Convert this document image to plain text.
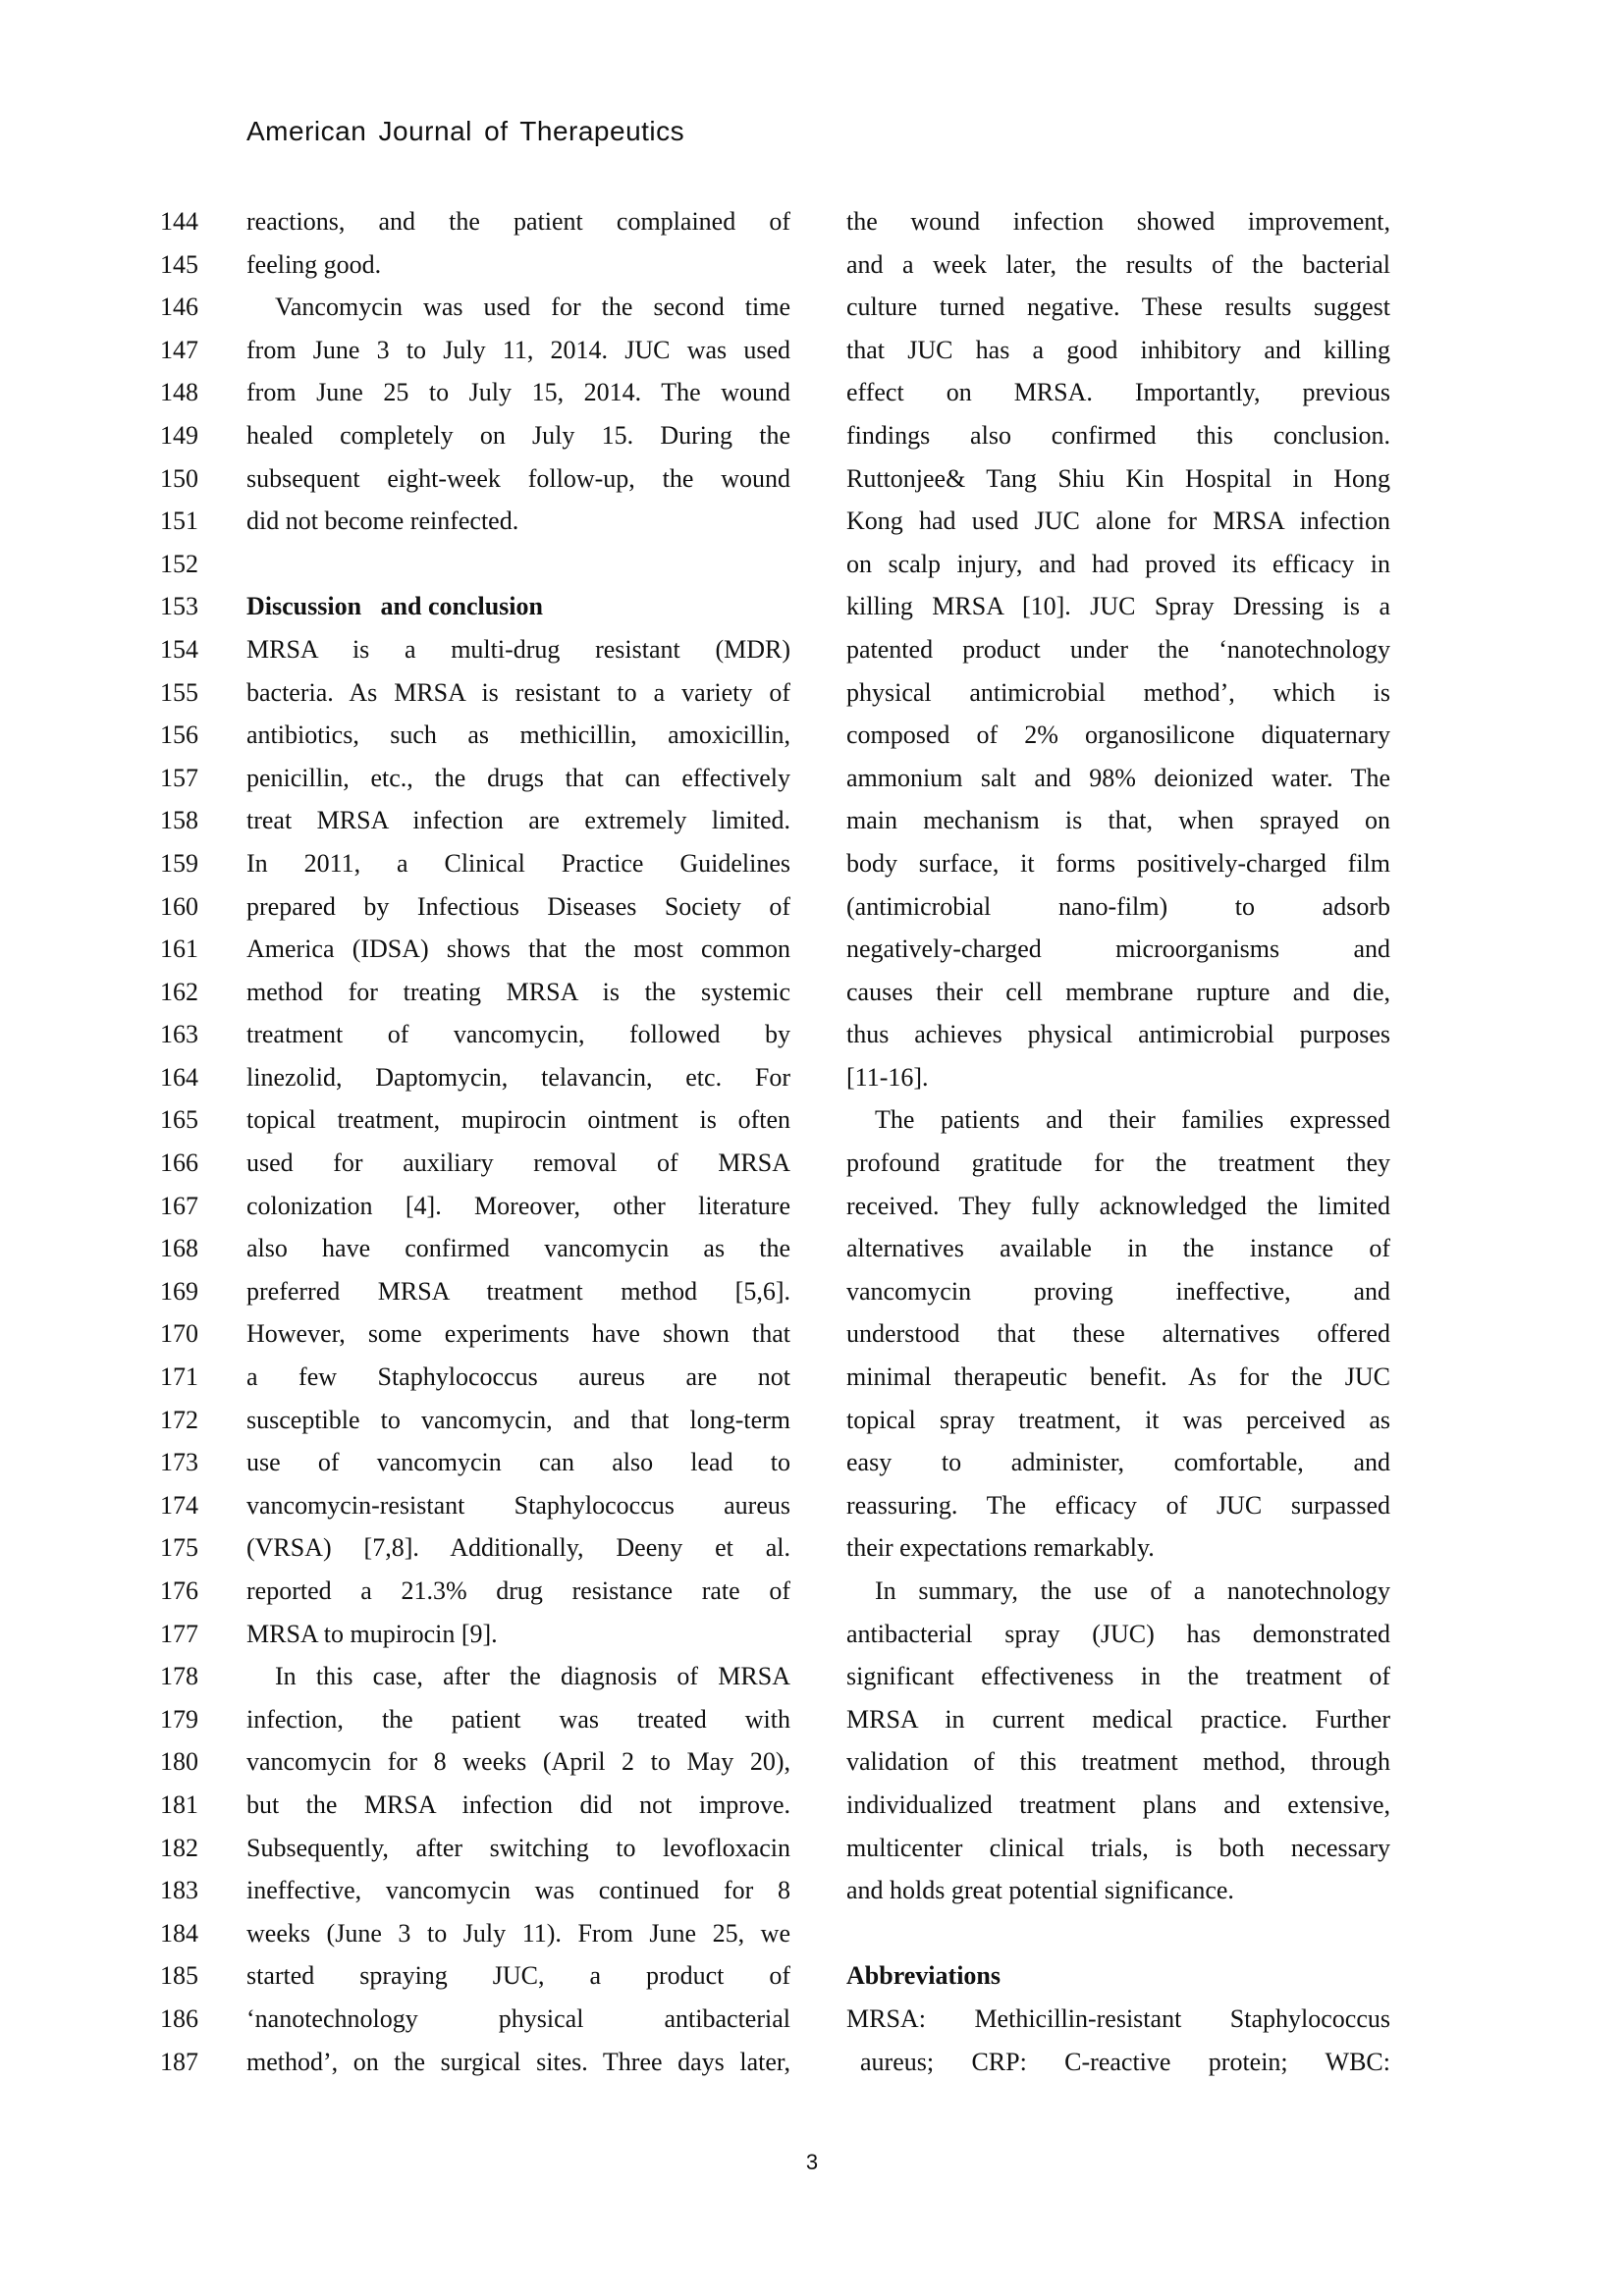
American Journal of Therapeutics
144
145
146
147
148
149
150
151
152
153
154
155
156
157
158
159
160
161
162
163
164
165
166
167
168
169
170
171
172
173
174
175
176
177
178
179
180
181
182
183
184
185
186
187
reactions, and the patient complained of
feeling good.
Vancomycin was used for the second time
from June 3 to July 11, 2014. JUC was used
from June 25 to July 15, 2014. The wound
healed completely on July 15. During the
subsequent eight-week follow-up, the wound
did not become reinfected.
Discussion   and conclusion
MRSA is a multi-drug resistant (MDR)
bacteria. As MRSA is resistant to a variety of
antibiotics, such as methicillin, amoxicillin,
penicillin, etc., the drugs that can effectively
treat MRSA infection are extremely limited.
In 2011, a Clinical Practice Guidelines
prepared by Infectious Diseases Society of
America (IDSA) shows that the most common
method for treating MRSA is the systemic
treatment of vancomycin, followed by
linezolid, Daptomycin, telavancin, etc. For
topical treatment, mupirocin ointment is often
used for auxiliary removal of MRSA
colonization [4]. Moreover, other literature
also have confirmed vancomycin as the
preferred MRSA treatment method [5,6].
However, some experiments have shown that
a few Staphylococcus aureus are not
susceptible to vancomycin, and that long-term
use of vancomycin can also lead to
vancomycin-resistant Staphylococcus aureus
(VRSA) [7,8]. Additionally, Deeny et al.
reported a 21.3% drug resistance rate of
MRSA to mupirocin [9].
In this case, after the diagnosis of MRSA
infection, the patient was treated with
vancomycin for 8 weeks (April 2 to May 20),
but the MRSA infection did not improve.
Subsequently, after switching to levofloxacin
ineffective, vancomycin was continued for 8
weeks (June 3 to July 11). From June 25, we
started spraying JUC, a product of
‘nanotechnology physical antibacterial
method’, on the surgical sites. Three days later,
the wound infection showed improvement,
and a week later, the results of the bacterial
culture turned negative. These results suggest
that JUC has a good inhibitory and killing
effect on MRSA. Importantly, previous
findings also confirmed this conclusion.
Ruttonjee& Tang Shiu Kin Hospital in Hong
Kong had used JUC alone for MRSA infection
on scalp injury, and had proved its efficacy in
killing MRSA [10]. JUC Spray Dressing is a
patented product under the ‘nanotechnology
physical antimicrobial method’, which is
composed of 2% organosilicone diquaternary
ammonium salt and 98% deionized water. The
main mechanism is that, when sprayed on
body surface, it forms positively-charged film
(antimicrobial nano-film) to adsorb
negatively-charged microorganisms and
causes their cell membrane rupture and die,
thus achieves physical antimicrobial purposes
[11-16].
The patients and their families expressed
profound gratitude for the treatment they
received. They fully acknowledged the limited
alternatives available in the instance of
vancomycin proving ineffective, and
understood that these alternatives offered
minimal therapeutic benefit. As for the JUC
topical spray treatment, it was perceived as
easy to administer, comfortable, and
reassuring. The efficacy of JUC surpassed
their expectations remarkably.
In summary, the use of a nanotechnology
antibacterial spray (JUC) has demonstrated
significant effectiveness in the treatment of
MRSA in current medical practice. Further
validation of this treatment method, through
individualized treatment plans and extensive,
multicenter clinical trials, is both necessary
and holds great potential significance.
Abbreviations
MRSA: Methicillin-resistant Staphylococcus
aureus; CRP: C-reactive protein; WBC:
3
